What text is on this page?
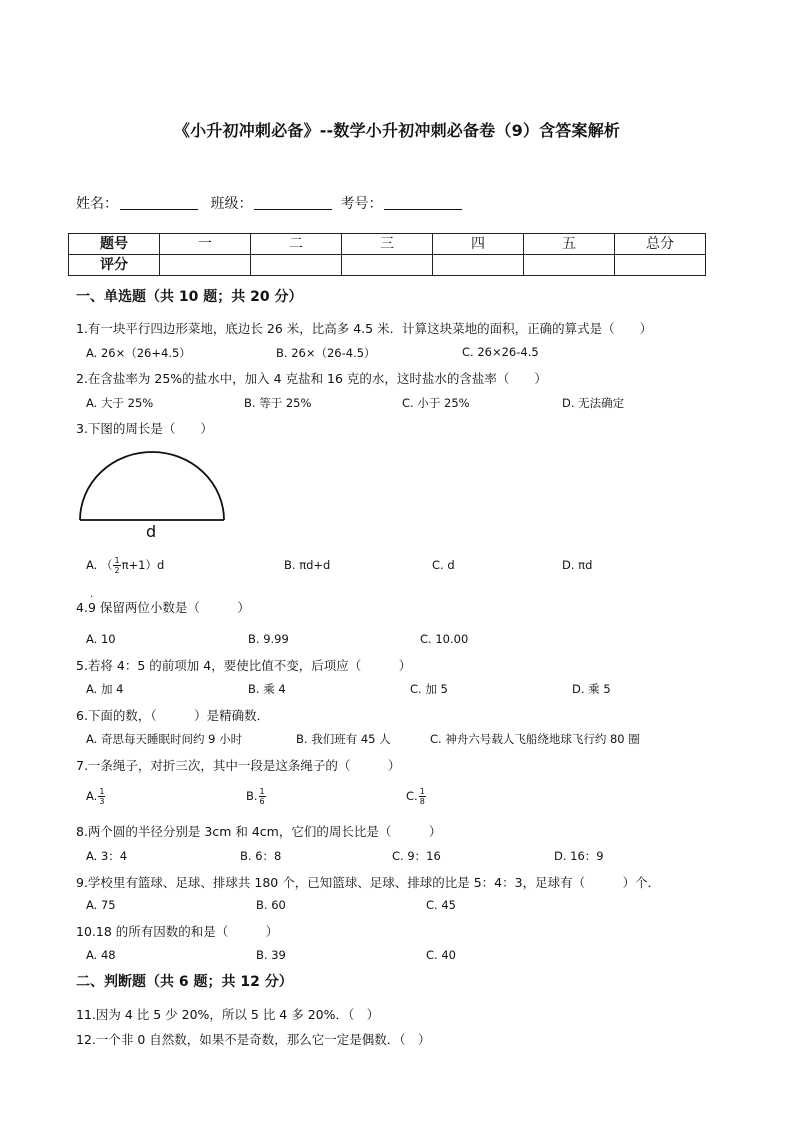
《小升初冲刺必备》--数学小升初冲刺必备卷（9）含答案解析
姓名：	班级：	考号：
题号	一	二	三	四	五	总分
评分						
一、单选题（共 10 题；共 20 分）
1.有一块平行四边形菜地，底边长 26 米，比高多 4.5 米．计算这块菜地的面积，正确的算式是（　　）
A. 26×（26+4.5）	B. 26×（26-4.5）	C. 26×26-4.5
2.在含盐率为 25%的盐水中，加入 4 克盐和 16 克的水，这时盐水的含盐率（　　）
A. 大于 25%	B. 等于 25%	C. 小于 25%	D. 无法确定
3.下图的周长是（　　）
d
A. （ $\frac{1}{2} \pi+1)d$	B. πd+d	C. d	D. πd
4.
·
9 保留两位小数是（　　　）
A. 10	B. 9.99	C. 10.00
5.若将 4：5 的前项加 4，要使比值不变，后项应（　　　）
A. 加 4	B. 乘 4	C. 加 5	D. 乘 5
6.下面的数，（　　　）是精确数．
A. 奇思每天睡眠时间约 9 小时	B. 我们班有 45 人	C. 神舟六号载人飞船绕地球飞行约 80 圈
7.一条绳子，对折三次，其中一段是这条绳子的（　　　）
A. $\frac{1}{3}$	B. $\frac{1}{6}$	C. $\frac{1}{8}$
8.两个圆的半径分别是 3cm 和 4cm，它们的周长比是（　　　）
A. 3：4	B. 6：8	C. 9：16	D. 16：9
9.学校里有篮球、足球、排球共 180 个，已知篮球、足球、排球的比是 5：4：3，足球有（　　　）个．
A. 75	B. 60	C. 45
10.18 的所有因数的和是（　　　）
A. 48	B. 39	C. 40
二、判断题（共 6 题；共 12 分）
11.因为 4 比 5 少 20%，所以 5 比 4 多 20%．（　）
12.一个非 0 自然数，如果不是奇数，那么它一定是偶数．（　）
